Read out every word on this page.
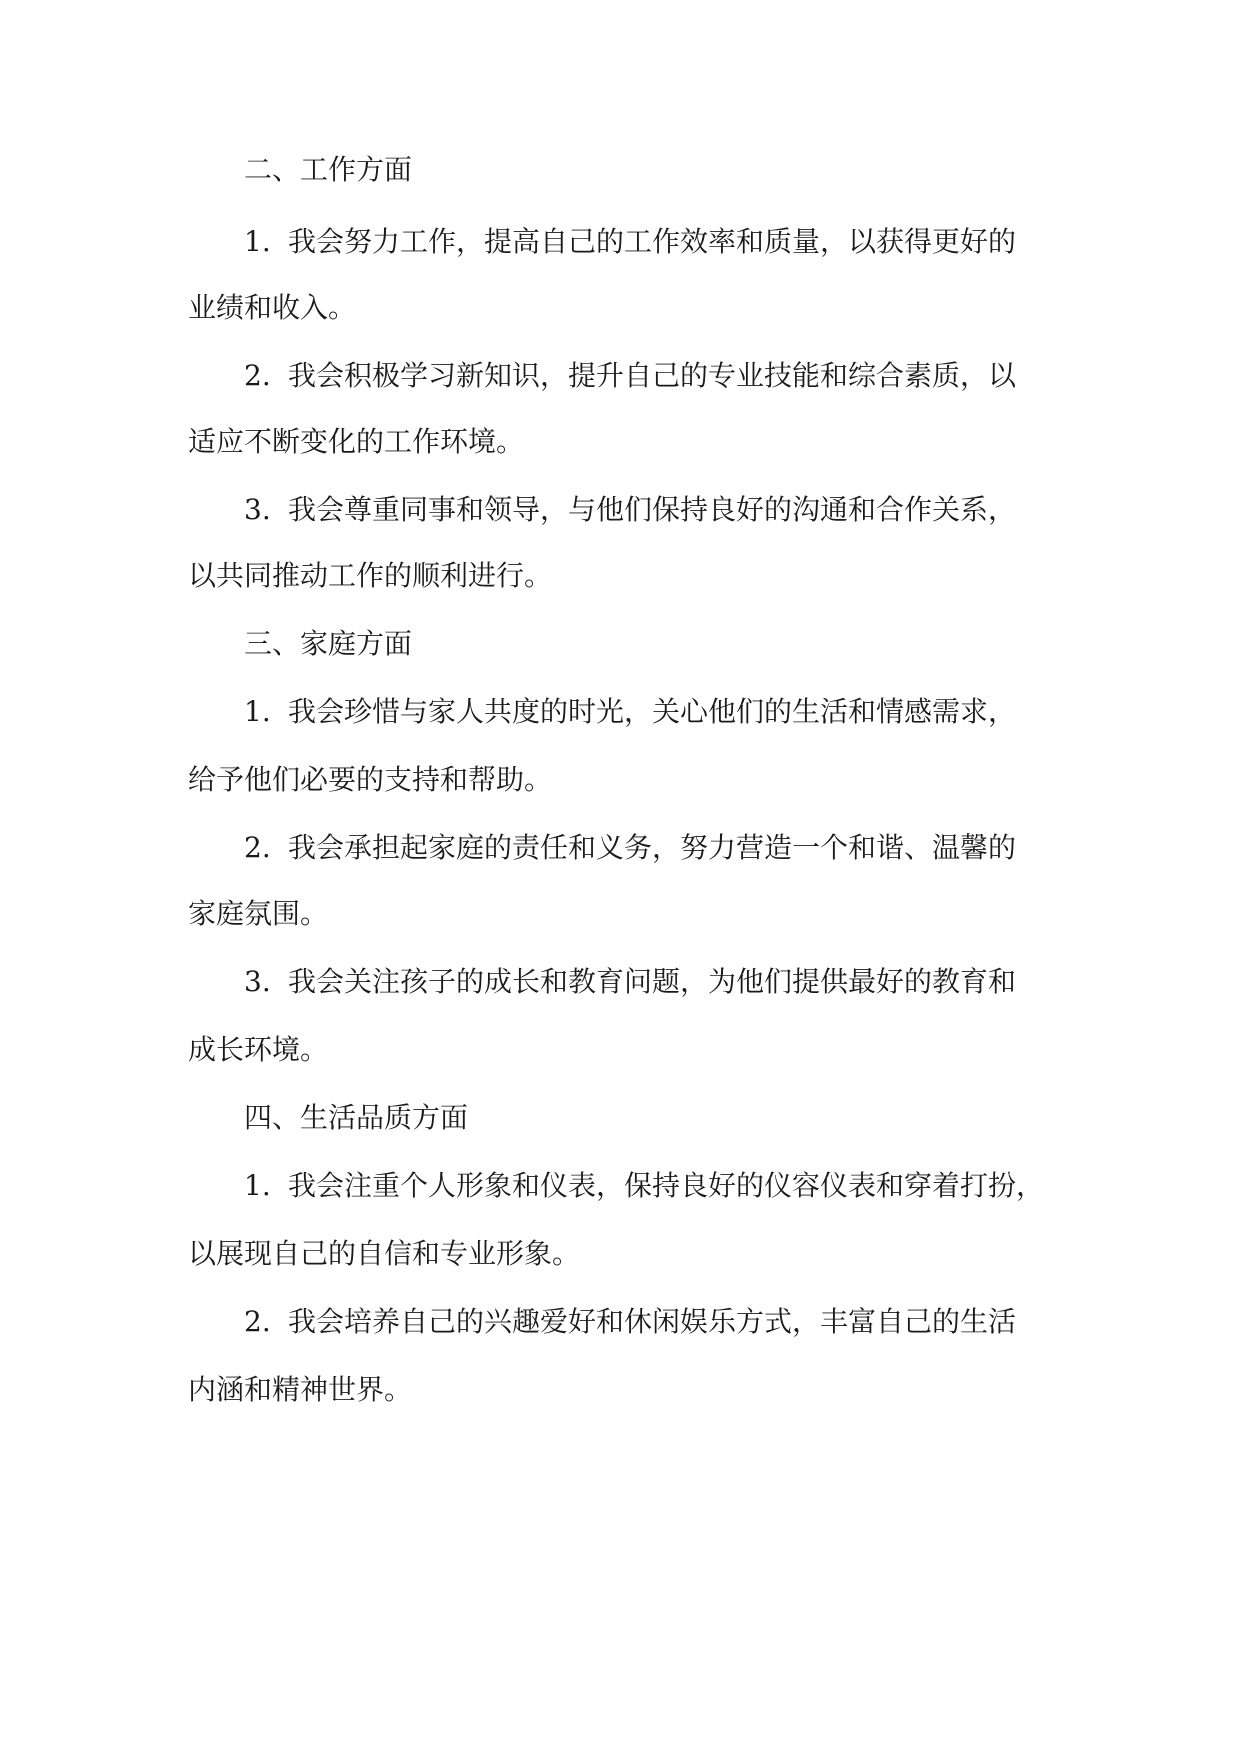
二、工作方面
1. 我会努力工作，提高自己的工作效率和质量，以获得更好的
业绩和收入。
2. 我会积极学习新知识，提升自己的专业技能和综合素质，以
适应不断变化的工作环境。
3. 我会尊重同事和领导，与他们保持良好的沟通和合作关系，
以共同推动工作的顺利进行。
三、家庭方面
1. 我会珍惜与家人共度的时光，关心他们的生活和情感需求，
给予他们必要的支持和帮助。
2. 我会承担起家庭的责任和义务，努力营造一个和谐、温馨的
家庭氛围。
3. 我会关注孩子的成长和教育问题，为他们提供最好的教育和
成长环境。
四、生活品质方面
1. 我会注重个人形象和仪表，保持良好的仪容仪表和穿着打扮，
以展现自己的自信和专业形象。
2. 我会培养自己的兴趣爱好和休闲娱乐方式，丰富自己的生活
内涵和精神世界。
